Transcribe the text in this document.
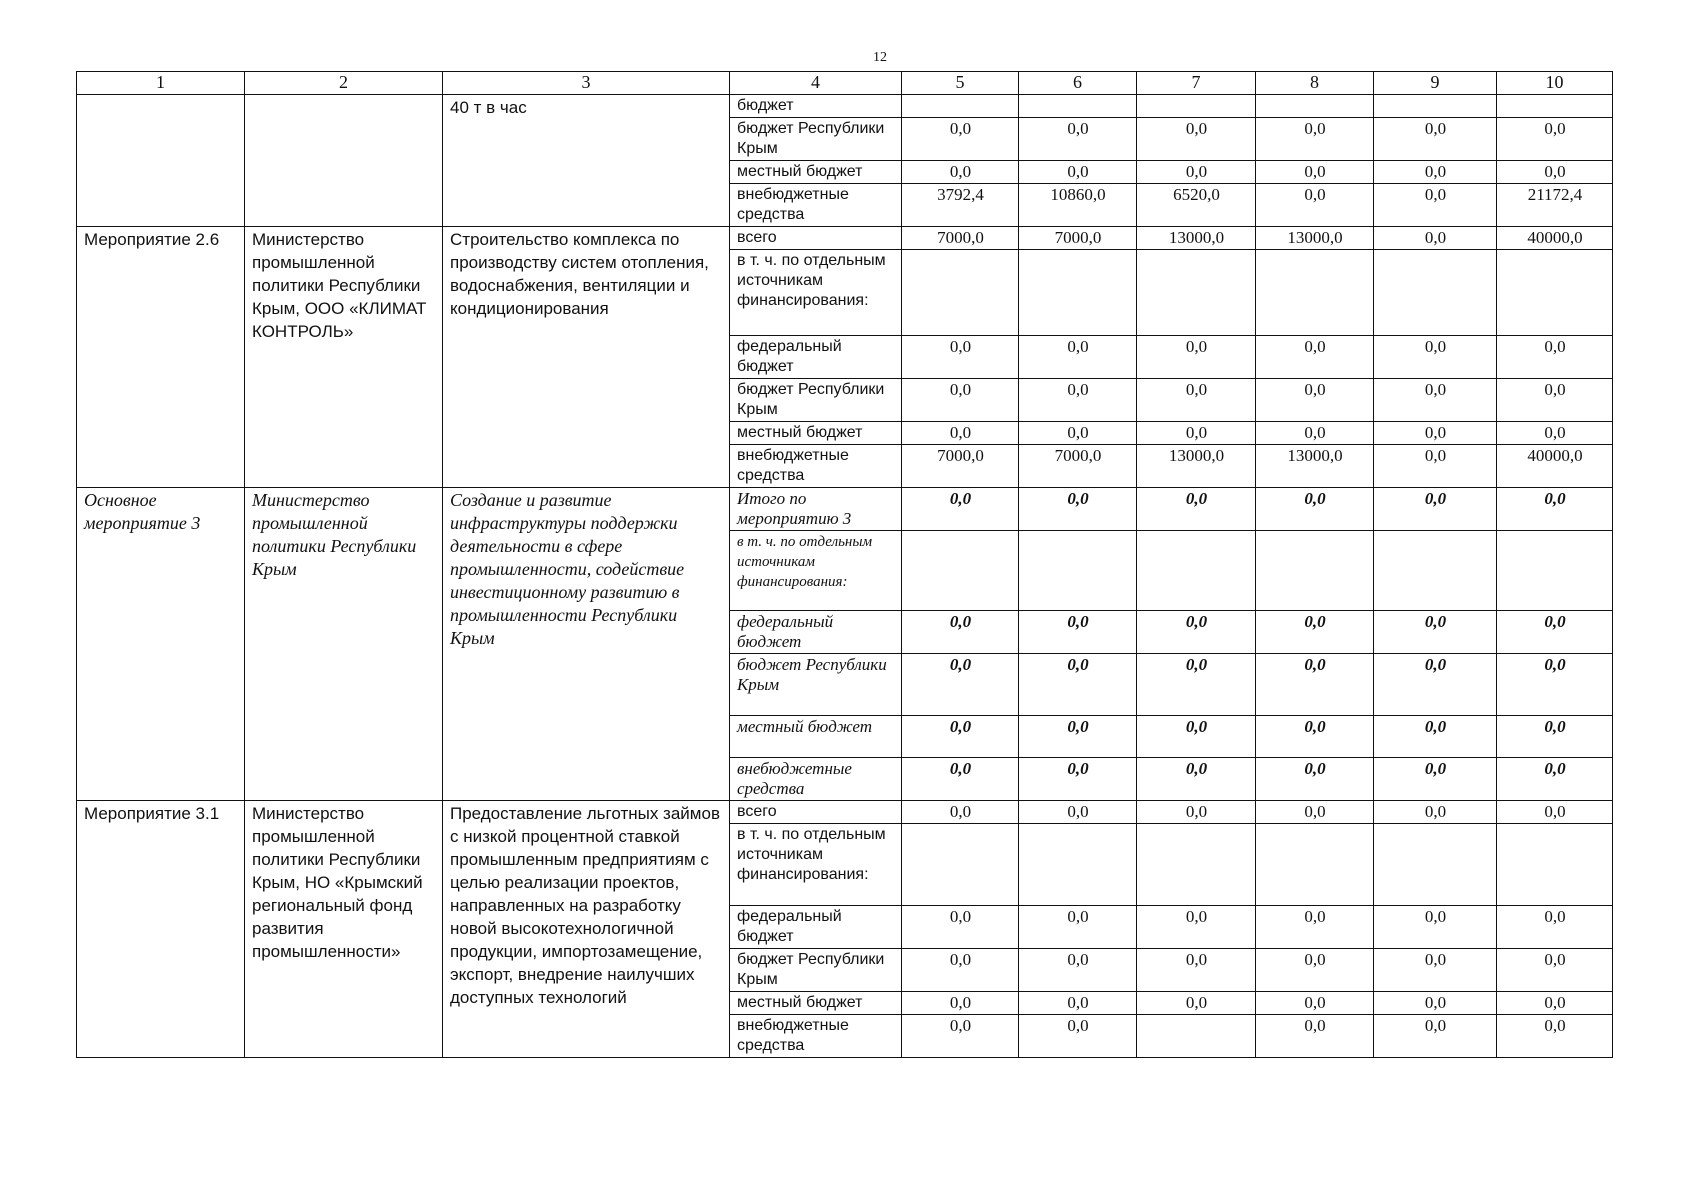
12
1	2	3	4	5	6	7	8	9	10
		40 т в час	бюджет						
			бюджет Республики Крым	0,0	0,0	0,0	0,0	0,0	0,0
			местный бюджет	0,0	0,0	0,0	0,0	0,0	0,0
			внебюджетные средства	3792,4	10860,0	6520,0	0,0	0,0	21172,4
Мероприятие 2.6	Министерство промышленной политики Республики Крым, ООО «КЛИМАТ КОНТРОЛЬ»	Строительство комплекса по производству систем отопления, водоснабжения, вентиляции и кондиционирования	всего	7000,0	7000,0	13000,0	13000,0	0,0	40000,0
			в т. ч. по отдельным источникам финансирования:						
			федеральный бюджет	0,0	0,0	0,0	0,0	0,0	0,0
			бюджет Республики Крым	0,0	0,0	0,0	0,0	0,0	0,0
			местный бюджет	0,0	0,0	0,0	0,0	0,0	0,0
			внебюджетные средства	7000,0	7000,0	13000,0	13000,0	0,0	40000,0
Основное мероприятие 3	Министерство промышленной политики Республики Крым	Создание и развитие инфраструктуры поддержки деятельности в сфере промышленности, содействие инвестиционному развитию в промышленности Республики Крым	Итого по мероприятию 3	0,0	0,0	0,0	0,0	0,0	0,0
			в т. ч. по отдельным источникам финансирования:						
			федеральный бюджет	0,0	0,0	0,0	0,0	0,0	0,0
			бюджет Республики Крым	0,0	0,0	0,0	0,0	0,0	0,0
			местный бюджет	0,0	0,0	0,0	0,0	0,0	0,0
			внебюджетные средства	0,0	0,0	0,0	0,0	0,0	0,0
Мероприятие 3.1	Министерство промышленной политики Республики Крым, НО «Крымский региональный фонд развития промышленности»	Предоставление льготных займов с низкой процентной ставкой промышленным предприятиям с целью реализации проектов, направленных на разработку новой высокотехнологичной продукции, импортозамещение, экспорт, внедрение наилучших доступных технологий	всего	0,0	0,0	0,0	0,0	0,0	0,0
			в т. ч. по отдельным источникам финансирования:						
			федеральный бюджет	0,0	0,0	0,0	0,0	0,0	0,0
			бюджет Республики Крым	0,0	0,0	0,0	0,0	0,0	0,0
			местный бюджет	0,0	0,0	0,0	0,0	0,0	0,0
			внебюджетные средства	0,0	0,0		0,0	0,0	0,0
